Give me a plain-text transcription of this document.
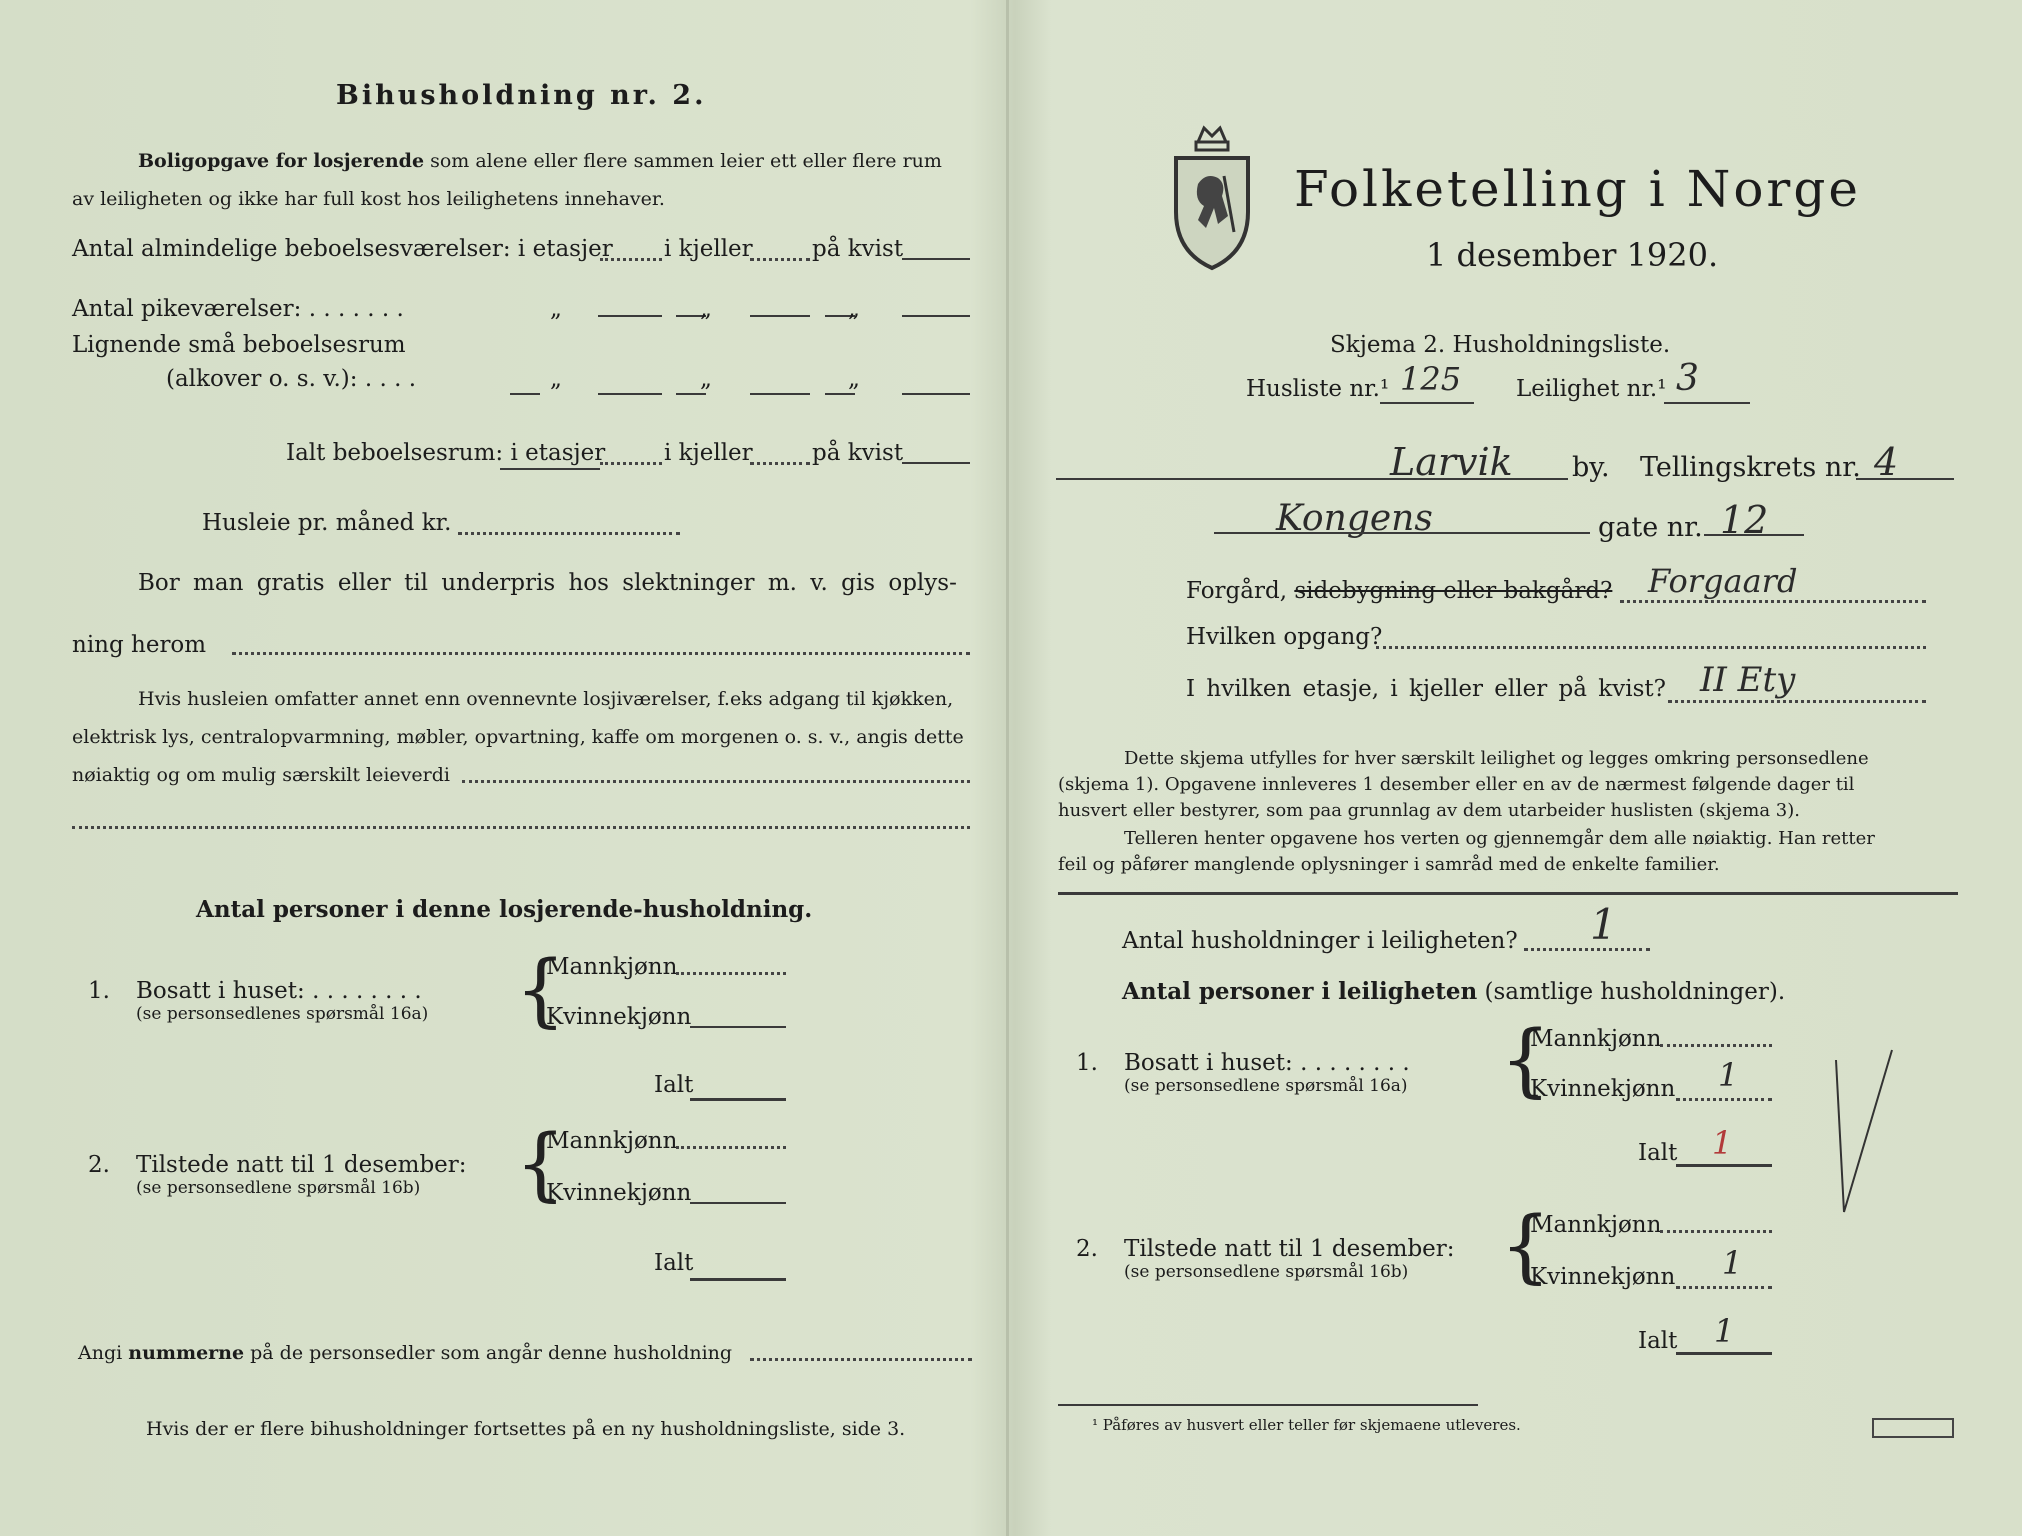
Bihusholdning nr. 2.
Boligopgave for losjerende som alene eller flere sammen leier ett eller flere rum
av leiligheten og ikke har full kost hos leilighetens innehaver.
Antal almindelige beboelsesværelser: i etasjer i kjeller	på kvist
Antal pikeværelser: . . . . . . .	„	„	„
Lignende små beboelsesrum
(alkover o. s. v.): . . . .	„	„	„
Ialt beboelsesrum: i etasjer	i kjeller	på kvist
Husleie pr. måned kr.
Bor man gratis eller til underpris hos slektninger m. v. gis oplys-
ning herom
Hvis husleien omfatter annet enn ovennevnte losjiværelser, f.eks adgang til kjøkken,
elektrisk lys, centralopvarmning, møbler, opvartning, kaffe om morgenen o. s. v., angis dette
nøiaktig og om mulig særskilt leieverdi
Antal personer i denne losjerende-husholdning.
1. Bosatt i huset: . . . . . . . .
(se personsedlenes spørsmål 16a) {
Mannkjønn
Kvinnekjønn
Ialt
2. Tilstede natt til 1 desember:
(se personsedlene spørsmål 16b) {
Mannkjønn
Kvinnekjønn
Ialt
Angi nummerne på de personsedler som angår denne husholdning
Hvis der er flere bihusholdninger fortsettes på en ny husholdningsliste, side 3.
Folketelling i Norge
1 desember 1920.
Skjema 2. Husholdningsliste.
Husliste nr.¹ 125 Leilighet nr.¹ 3
Larvik by. Tellingskrets nr. 4
Kongens	gate nr. 12
Forgård, sidebygning eller bakgård? Forgaard
Hvilken opgang?
I hvilken etasje, i kjeller eller på kvist? II Ety
Dette skjema utfylles for hver særskilt leilighet og legges omkring personsedlene
(skjema 1). Opgavene innleveres 1 desember eller en av de nærmest følgende dager til
husvert eller bestyrer, som paa grunnlag av dem utarbeider huslisten (skjema 3).
Telleren henter opgavene hos verten og gjennemgår dem alle nøiaktig. Han retter
feil og påfører manglende oplysninger i samråd med de enkelte familier.
Antal husholdninger i leiligheten? 1
Antal personer i leiligheten (samtlige husholdninger).
1. Bosatt i huset: . . . . . . . .
(se personsedlene spørsmål 16a) {
Mannkjønn
Kvinnekjønn 1
Ialt 1
2. Tilstede natt til 1 desember:
(se personsedlene spørsmål 16b) {
Mannkjønn
Kvinnekjønn 1
Ialt 1
¹ Påføres av husvert eller teller før skjemaene utleveres.
